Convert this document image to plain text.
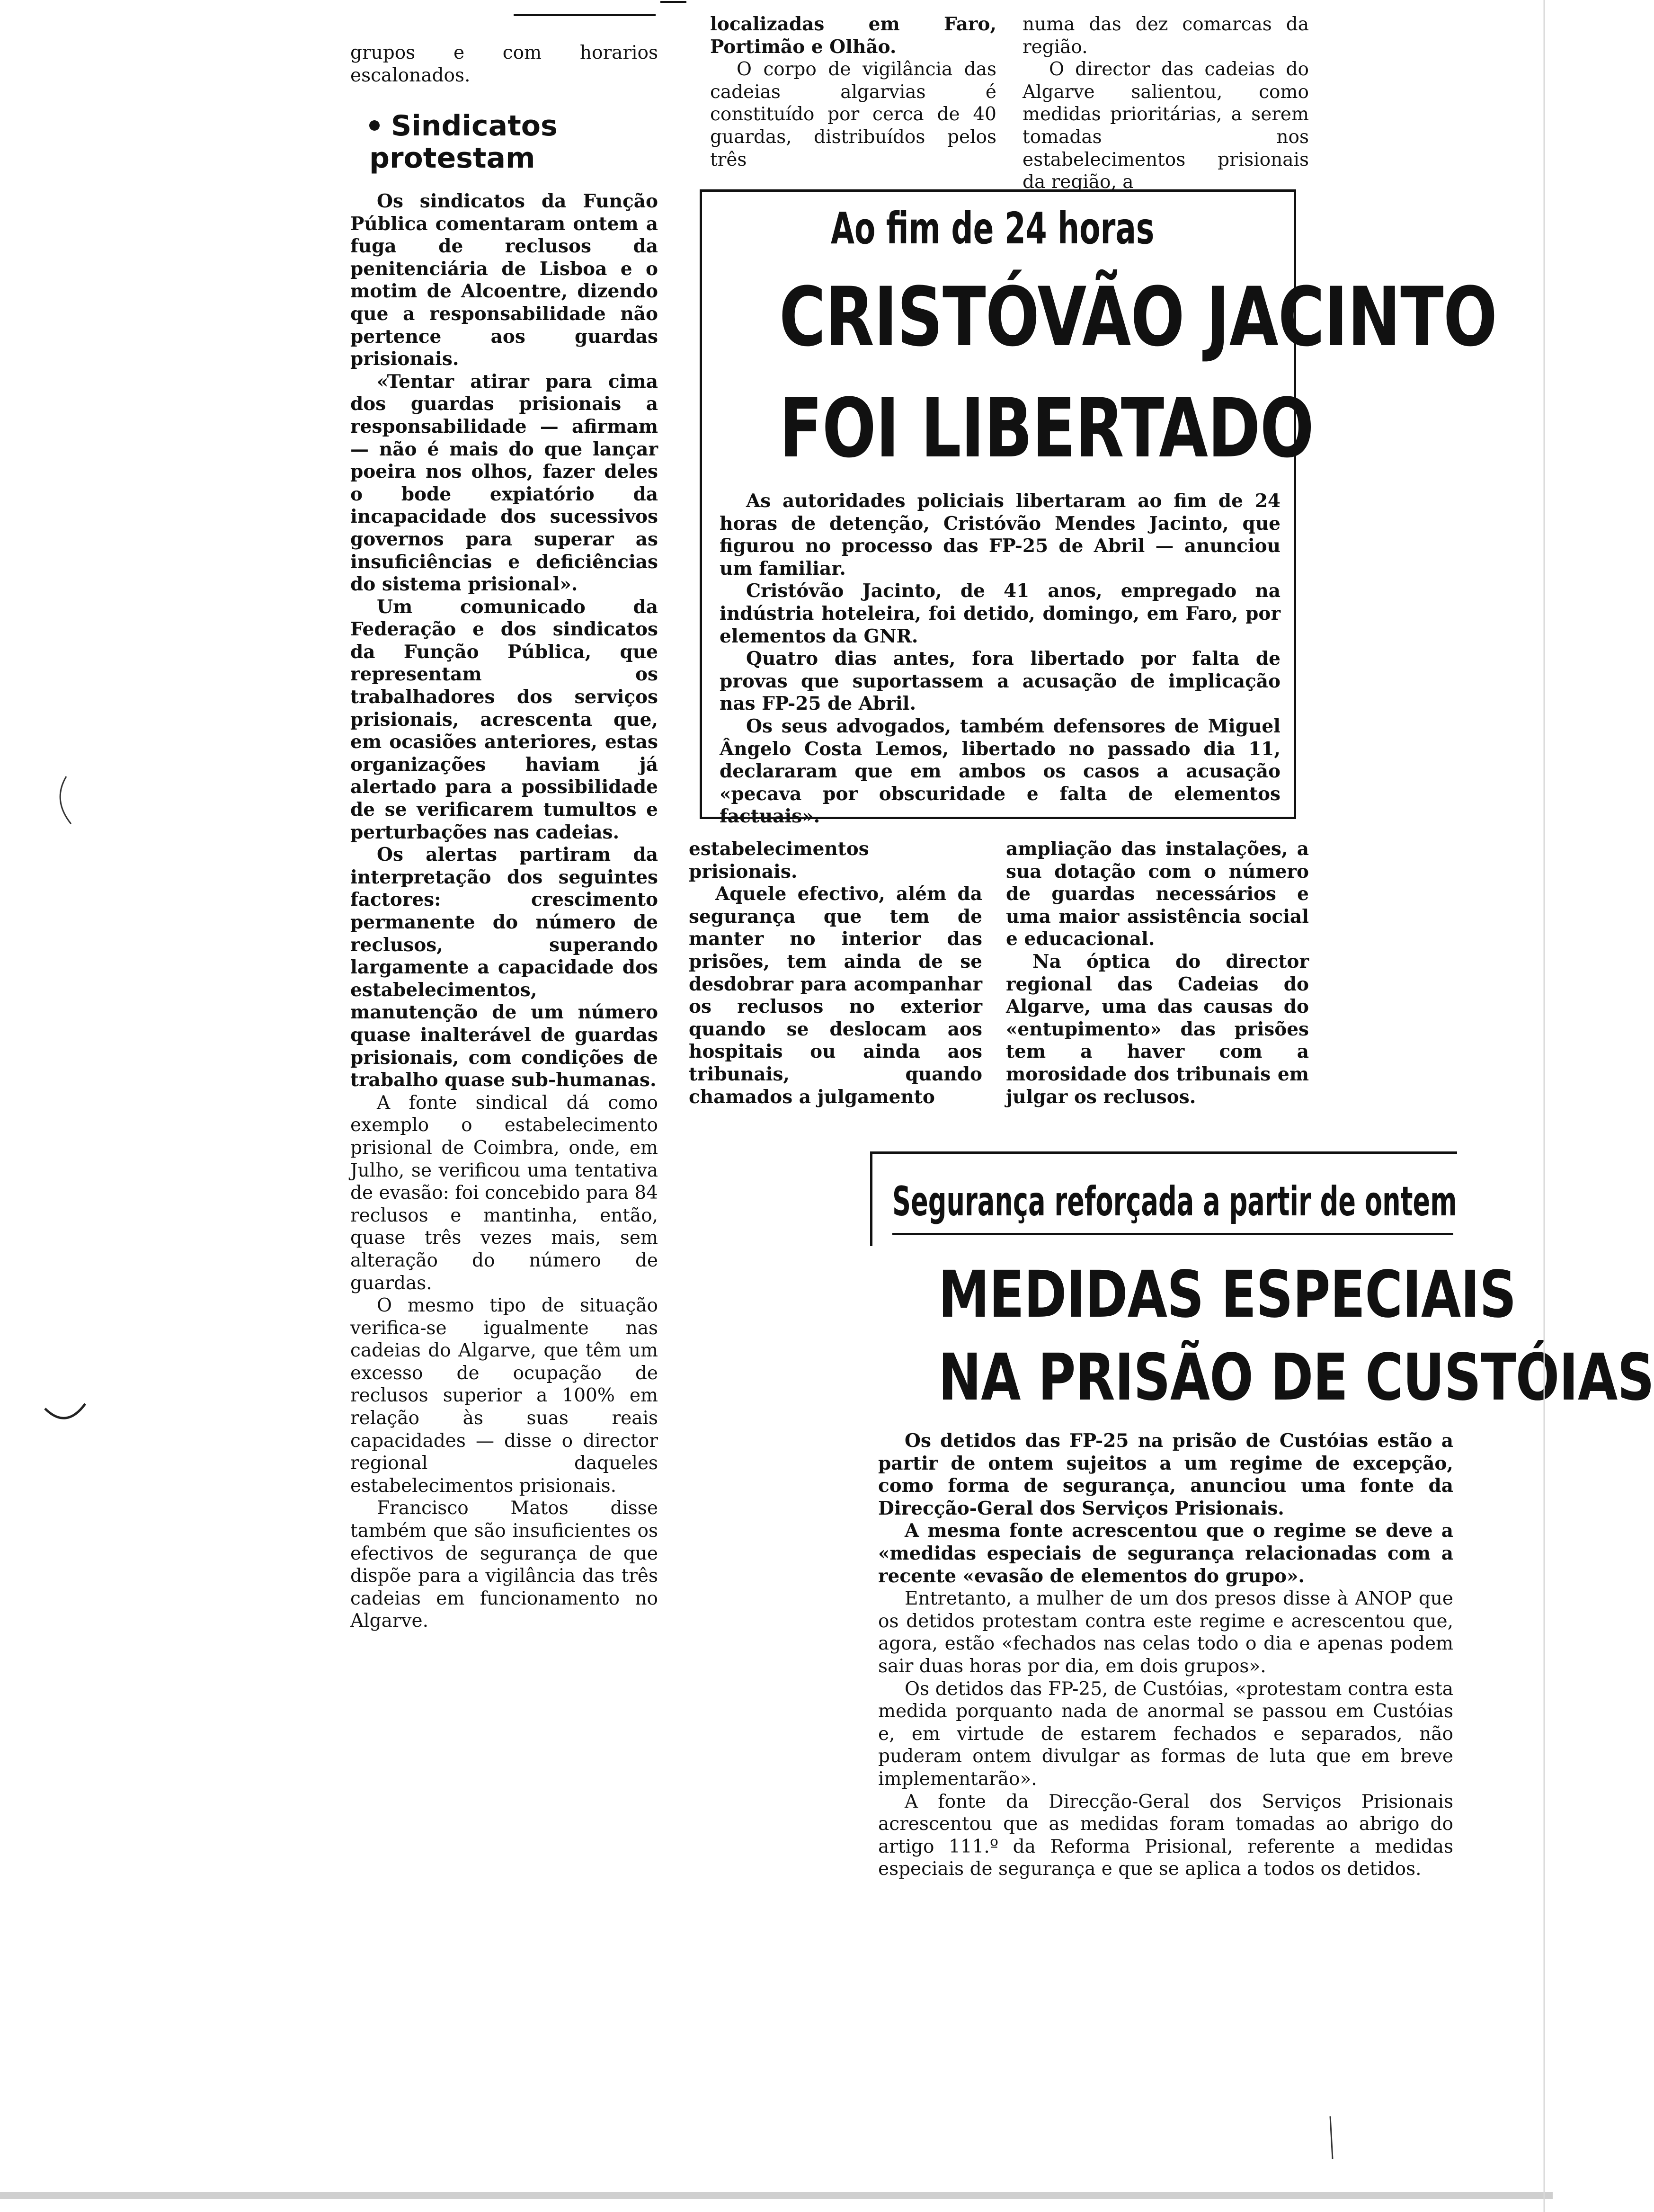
grupos e com horarios escalonados.

Sindicatos protestam

Os sindicatos da Função Pública comentaram ontem a fuga de reclusos da penitenciária de Lisboa e o motim de Alcoentre, dizendo que a responsabilidade não pertence aos guardas prisionais.

«Tentar atirar para cima dos guardas prisionais a responsabilidade — afirmam — não é mais do que lançar poeira nos olhos, fazer deles o bode expiatório da incapacidade dos sucessivos governos para superar as insuficiências e deficiências do sistema prisional».

Um comunicado da Federação e dos sindicatos da Função Pública, que representam os trabalhadores dos serviços prisionais, acrescenta que, em ocasiões anteriores, estas organizações haviam já alertado para a possibilidade de se verificarem tumultos e perturbações nas cadeias.

Os alertas partiram da interpretação dos seguintes factores: crescimento permanente do número de reclusos, superando largamente a capacidade dos estabelecimentos, manutenção de um número quase inalterável de guardas prisionais, com condições de trabalho quase sub-humanas.

A fonte sindical dá como exemplo o estabelecimento prisional de Coimbra, onde, em Julho, se verificou uma tentativa de evasão: foi concebido para 84 reclusos e mantinha, então, quase três vezes mais, sem alteração do número de guardas.

O mesmo tipo de situação verifica-se igualmente nas cadeias do Algarve, que têm um excesso de ocupação de reclusos superior a 100% em relação às suas reais capacidades — disse o director regional daqueles estabelecimentos prisionais.

Francisco Matos disse também que são insuficientes os efectivos de segurança de que dispõe para a vigilância das três cadeias em funcionamento no Algarve.

localizadas em Faro, Portimão e Olhão.

O corpo de vigilância das cadeias algarvias é constituído por cerca de 40 guardas, distribuídos pelos três

numa das dez comarcas da região.

O director das cadeias do Algarve salientou, como medidas prioritárias, a serem tomadas nos estabelecimentos prisionais da região, a

Ao fim de 24 horas
CRISTÓVÃO JACINTO
FOI LIBERTADO

As autoridades policiais libertaram ao fim de 24 horas de detenção, Cristóvão Mendes Jacinto, que figurou no processo das FP-25 de Abril — anunciou um familiar.

Cristóvão Jacinto, de 41 anos, empregado na indústria hoteleira, foi detido, domingo, em Faro, por elementos da GNR.

Quatro dias antes, fora libertado por falta de provas que suportassem a acusação de implicação nas FP-25 de Abril.

Os seus advogados, também defensores de Miguel Ângelo Costa Lemos, libertado no passado dia 11, declararam que em ambos os casos a acusação «pecava por obscuridade e falta de elementos factuais».

estabelecimentos prisionais.

Aquele efectivo, além da segurança que tem de manter no interior das prisões, tem ainda de se desdobrar para acompanhar os reclusos no exterior quando se deslocam aos hospitais ou ainda aos tribunais, quando chamados a julgamento

ampliação das instalações, a sua dotação com o número de guardas necessários e uma maior assistência social e educacional.

Na óptica do director regional das Cadeias do Algarve, uma das causas do «entupimento» das prisões tem a haver com a morosidade dos tribunais em julgar os reclusos.

Segurança reforçada a partir de ontem
MEDIDAS ESPECIAIS
NA PRISÃO DE CUSTÓIAS

Os detidos das FP-25 na prisão de Custóias estão a partir de ontem sujeitos a um regime de excepção, como forma de segurança, anunciou uma fonte da Direcção-Geral dos Serviços Prisionais.

A mesma fonte acrescentou que o regime se deve a «medidas especiais de segurança relacionadas com a recente «evasão de elementos do grupo».

Entretanto, a mulher de um dos presos disse à ANOP que os detidos protestam contra este regime e acrescentou que, agora, estão «fechados nas celas todo o dia e apenas podem sair duas horas por dia, em dois grupos».

Os detidos das FP-25, de Custóias, «protestam contra esta medida porquanto nada de anormal se passou em Custóias e, em virtude de estarem fechados e separados, não puderam ontem divulgar as formas de luta que em breve implementarão».

A fonte da Direcção-Geral dos Serviços Prisionais acrescentou que as medidas foram tomadas ao abrigo do artigo 111.º da Reforma Prisional, referente a medidas especiais de segurança e que se aplica a todos os detidos.
